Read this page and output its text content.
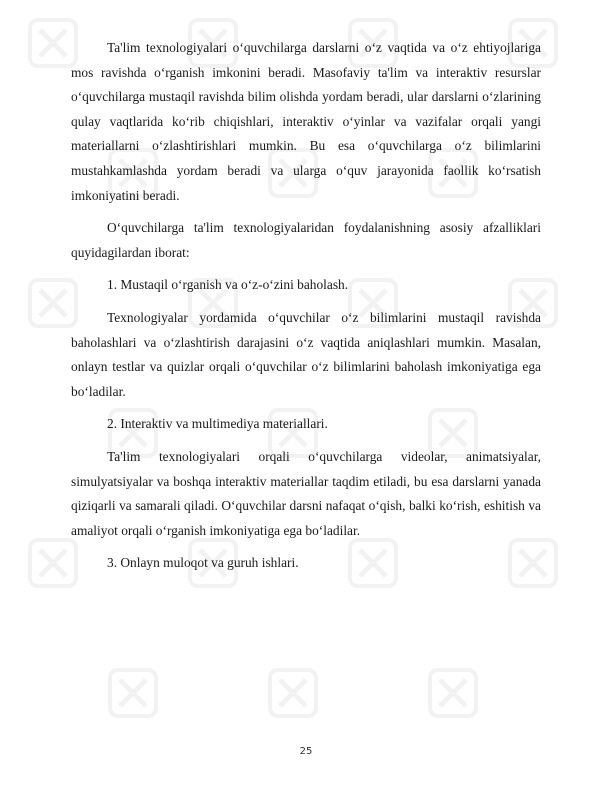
Ta'lim texnologiyalari o‘quvchilarga darslarni o‘z vaqtida va o‘z ehtiyojlariga mos ravishda o‘rganish imkonini beradi. Masofaviy ta'lim va interaktiv resurslar o‘quvchilarga mustaqil ravishda bilim olishda yordam beradi, ular darslarni o‘zlarining qulay vaqtlarida ko‘rib chiqishlari, interaktiv o‘yinlar va vazifalar orqali yangi materiallarni o‘zlashtirishlari mumkin. Bu esa o‘quvchilarga o‘z bilimlarini mustahkamlashda yordam beradi va ularga o‘quv jarayonida faollik ko‘rsatish imkoniyatini beradi.

O‘quvchilarga ta'lim texnologiyalaridan foydalanishning asosiy afzalliklari quyidagilardan iborat:

1. Mustaqil o‘rganish va o‘z-o‘zini baholash.

Texnologiyalar yordamida o‘quvchilar o‘z bilimlarini mustaqil ravishda baholashlari va o‘zlashtirish darajasini o‘z vaqtida aniqlashlari mumkin. Masalan, onlayn testlar va quizlar orqali o‘quvchilar o‘z bilimlarini baholash imkoniyatiga ega bo‘ladilar.

2. Interaktiv va multimediya materiallari.

Ta'lim texnologiyalari orqali o‘quvchilarga videolar, animatsiyalar, simulyatsiyalar va boshqa interaktiv materiallar taqdim etiladi, bu esa darslarni yanada qiziqarli va samarali qiladi. O‘quvchilar darsni nafaqat o‘qish, balki ko‘rish, eshitish va amaliyot orqali o‘rganish imkoniyatiga ega bo‘ladilar.

3. Onlayn muloqot va guruh ishlari.

25
